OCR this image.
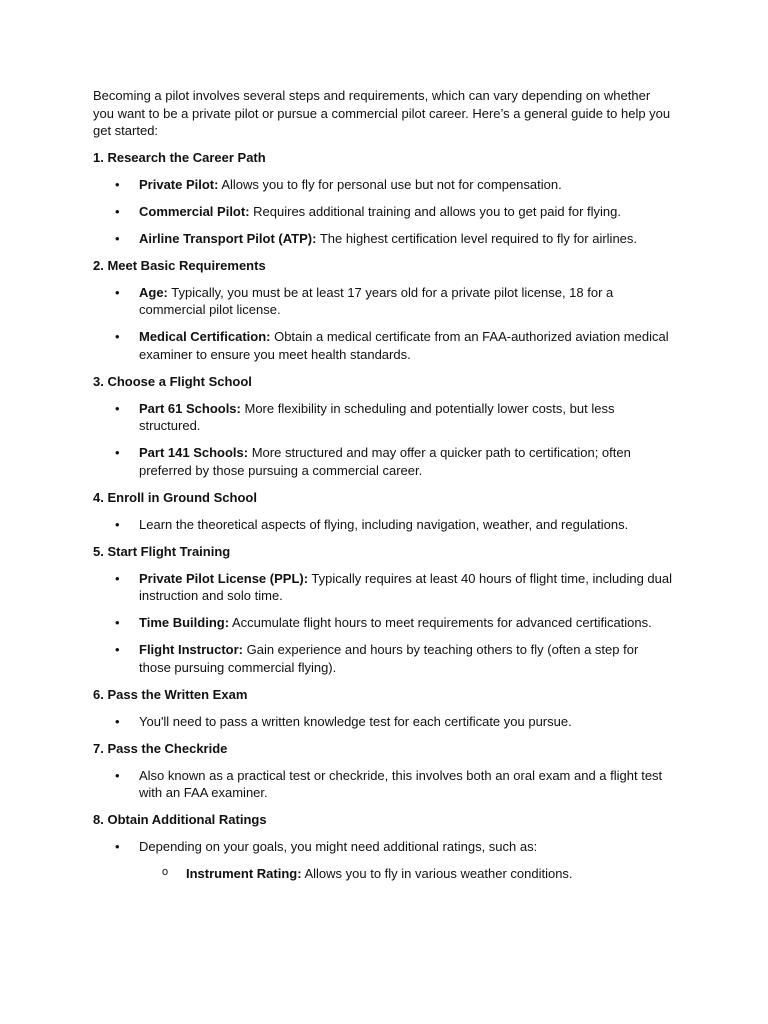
Becoming a pilot involves several steps and requirements, which can vary depending on whether you want to be a private pilot or pursue a commercial pilot career. Here’s a general guide to help you get started:

1. Research the Career Path

• Private Pilot: Allows you to fly for personal use but not for compensation.
• Commercial Pilot: Requires additional training and allows you to get paid for flying.
• Airline Transport Pilot (ATP): The highest certification level required to fly for airlines.

2. Meet Basic Requirements

• Age: Typically, you must be at least 17 years old for a private pilot license, 18 for a commercial pilot license.
• Medical Certification: Obtain a medical certificate from an FAA-authorized aviation medical examiner to ensure you meet health standards.

3. Choose a Flight School

• Part 61 Schools: More flexibility in scheduling and potentially lower costs, but less structured.
• Part 141 Schools: More structured and may offer a quicker path to certification; often preferred by those pursuing a commercial career.

4. Enroll in Ground School

• Learn the theoretical aspects of flying, including navigation, weather, and regulations.

5. Start Flight Training

• Private Pilot License (PPL): Typically requires at least 40 hours of flight time, including dual instruction and solo time.
• Time Building: Accumulate flight hours to meet requirements for advanced certifications.
• Flight Instructor: Gain experience and hours by teaching others to fly (often a step for those pursuing commercial flying).

6. Pass the Written Exam

• You'll need to pass a written knowledge test for each certificate you pursue.

7. Pass the Checkride

• Also known as a practical test or checkride, this involves both an oral exam and a flight test with an FAA examiner.

8. Obtain Additional Ratings

• Depending on your goals, you might need additional ratings, such as:
o Instrument Rating: Allows you to fly in various weather conditions.
